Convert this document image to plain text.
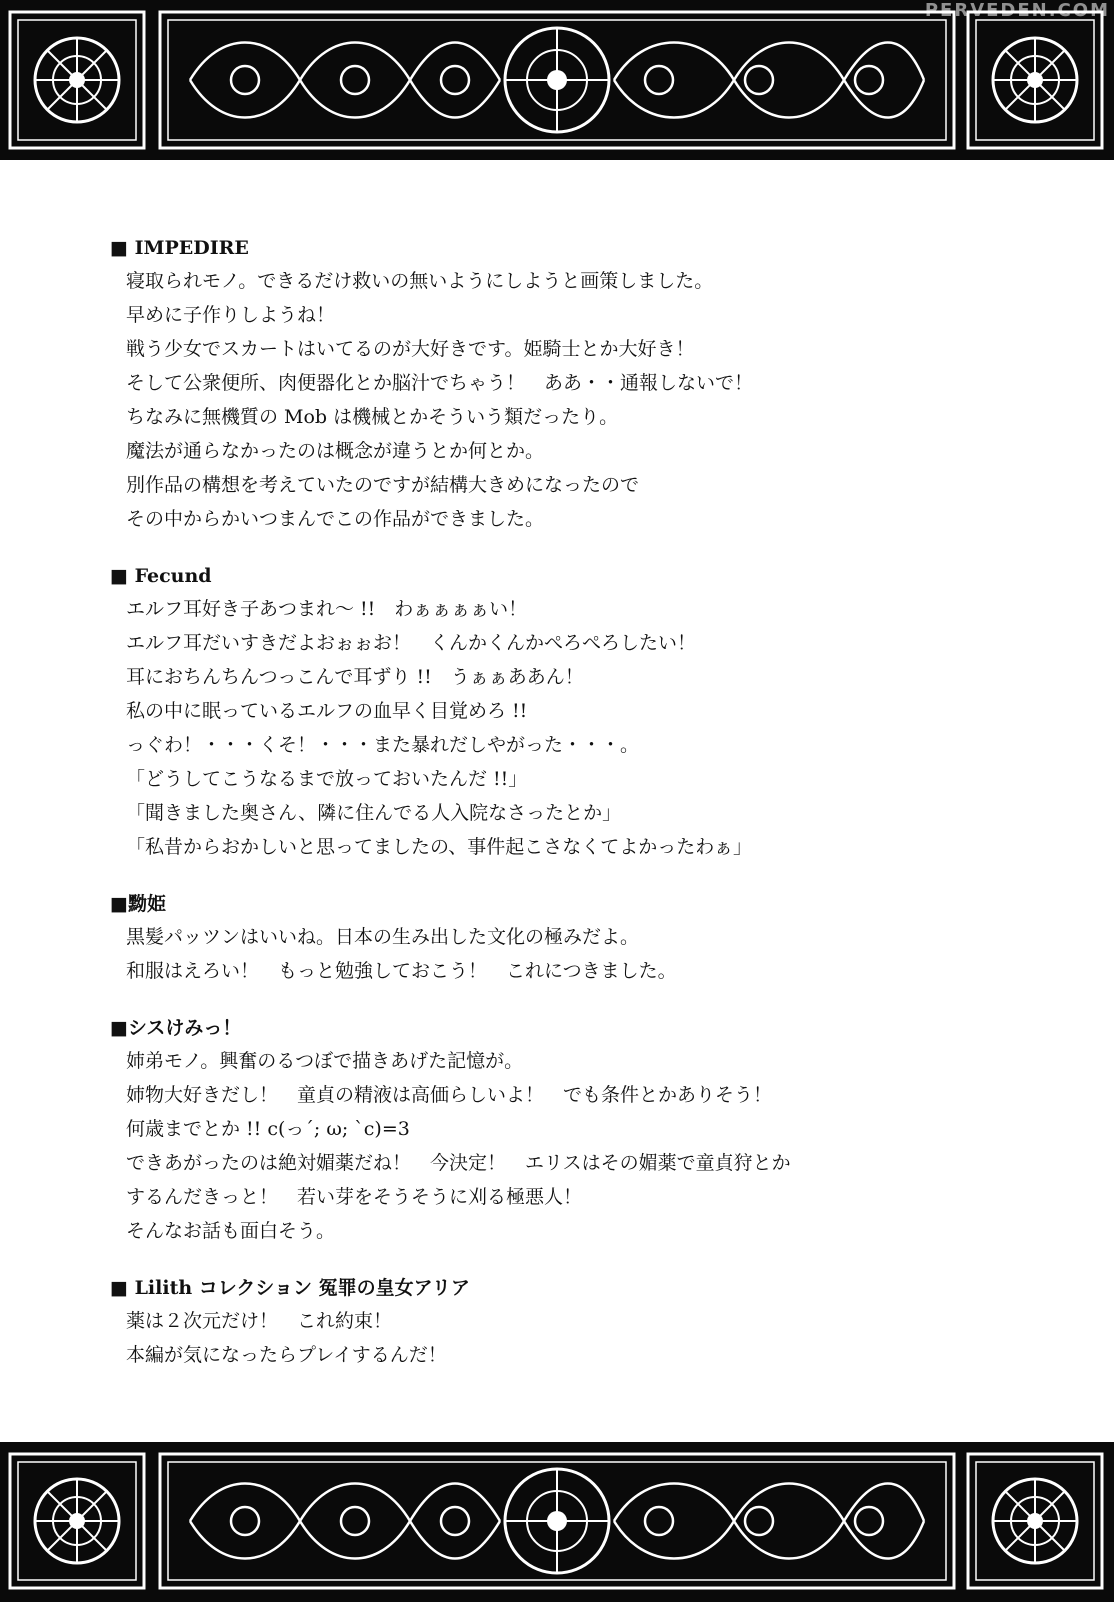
PERVEDEN.COM

■ IMPEDIRE

寝取られモノ。できるだけ救いの無いようにしようと画策しました。

早めに子作りしようね！

戦う少女でスカートはいてるのが大好きです。姫騎士とか大好き！

そして公衆便所、肉便器化とか脳汁でちゃう！　ああ・・通報しないで！

ちなみに無機質の Mob は機械とかそういう類だったり。

魔法が通らなかったのは概念が違うとか何とか。

別作品の構想を考えていたのですが結構大きめになったので

その中からかいつまんでこの作品ができました。

■ Fecund

エルフ耳好き子あつまれ～ !!　わぁぁぁぁい！

エルフ耳だいすきだよおぉぉお！　くんかくんかぺろぺろしたい！

耳におちんちんつっこんで耳ずり !!　うぁぁああん！

私の中に眠っているエルフの血早く目覚めろ !!

っぐわ！・・・くそ！・・・また暴れだしやがった・・・。

「どうしてこうなるまで放っておいたんだ !!」

「聞きました奥さん、隣に住んでる人入院なさったとか」

「私昔からおかしいと思ってましたの、事件起こさなくてよかったわぁ」

■黝姫

黒髪パッツンはいいね。日本の生み出した文化の極みだよ。

和服はえろい！　もっと勉強しておこう！　これにつきました。

■シスけみっ！

姉弟モノ。興奮のるつぼで描きあげた記憶が。

姉物大好きだし！　童貞の精液は高価らしいよ！　でも条件とかありそう！

何歳までとか !! c(っ´; ω; `c)=3

できあがったのは絶対媚薬だね！　今決定！　エリスはその媚薬で童貞狩とか

するんだきっと！　若い芽をそうそうに刈る極悪人！

そんなお話も面白そう。

■ Lilith コレクション 冤罪の皇女アリア

薬は２次元だけ！　これ約束！

本編が気になったらプレイするんだ！
